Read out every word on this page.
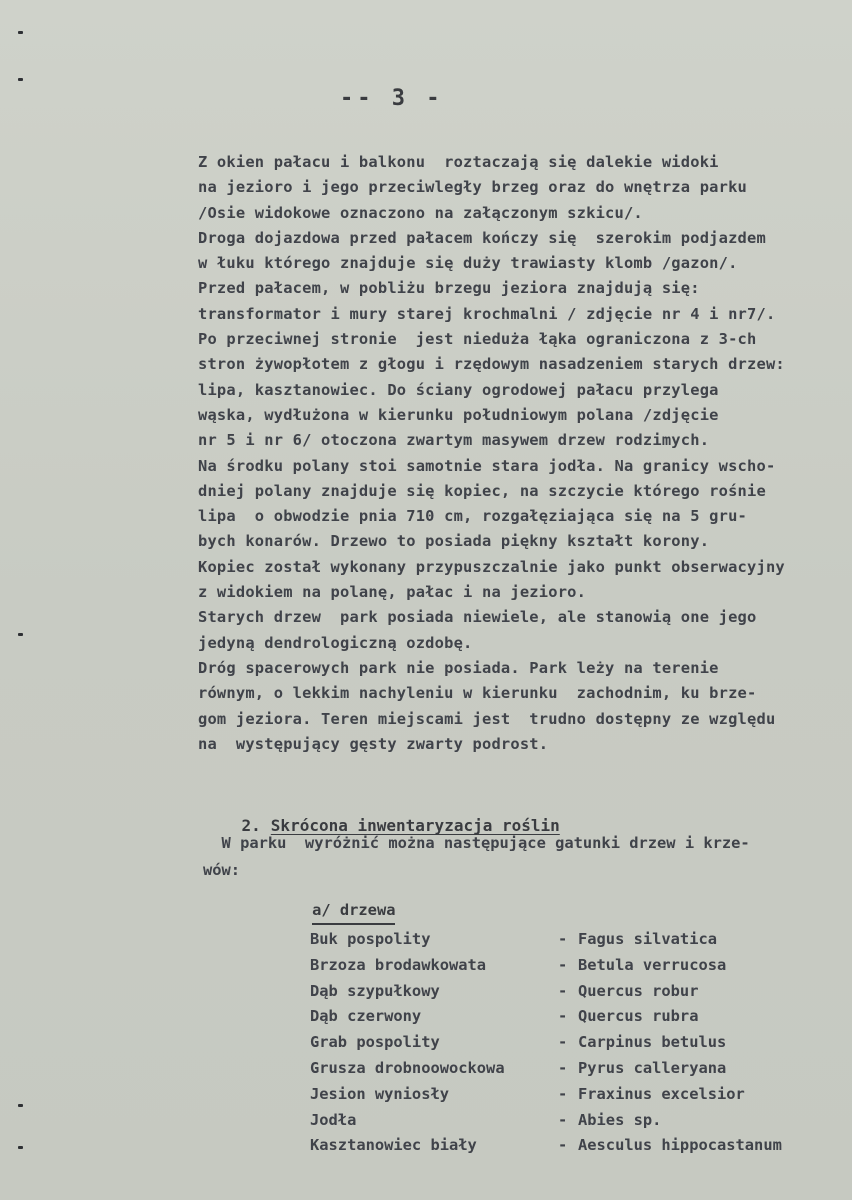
-- 3 -
Z okien pałacu i balkonu  roztaczają się dalekie widoki
na jezioro i jego przeciwległy brzeg oraz do wnętrza parku
/Osie widokowe oznaczono na załączonym szkicu/.
Droga dojazdowa przed pałacem kończy się  szerokim podjazdem
w łuku którego znajduje się duży trawiasty klomb /gazon/.
Przed pałacem, w pobliżu brzegu jeziora znajdują się:
transformator i mury starej krochmalni / zdjęcie nr 4 i nr7/.
Po przeciwnej stronie  jest nieduża łąka ograniczona z 3-ch
stron żywopłotem z głogu i rzędowym nasadzeniem starych drzew:
lipa, kasztanowiec. Do ściany ogrodowej pałacu przylega
wąska, wydłużona w kierunku południowym polana /zdjęcie
nr 5 i nr 6/ otoczona zwartym masywem drzew rodzimych.
Na środku polany stoi samotnie stara jodła. Na granicy wscho-
dniej polany znajduje się kopiec, na szczycie którego rośnie
lipa  o obwodzie pnia 710 cm, rozgałęziająca się na 5 gru-
bych konarów. Drzewo to posiada piękny kształt korony.
Kopiec został wykonany przypuszczalnie jako punkt obserwacyjny
z widokiem na polanę, pałac i na jezioro.
Starych drzew  park posiada niewiele, ale stanowią one jego
jedyną dendrologiczną ozdobę.
Dróg spacerowych park nie posiada. Park leży na terenie
równym, o lekkim nachyleniu w kierunku  zachodnim, ku brze-
gom jeziora. Teren miejscami jest  trudno dostępny ze względu
na  występujący gęsty zwarty podrost.

2. Skrócona inwentaryzacja roślin

W parku  wyróżnić można następujące gatunki drzew i krze-
wów:

a/ drzewa

Buk pospolity	- Fagus silvatica
Brzoza brodawkowata	- Betula verrucosa
Dąb szypułkowy	- Quercus robur
Dąb czerwony	- Quercus rubra
Grab pospolity	- Carpinus betulus
Grusza drobnoowockowa	- Pyrus calleryana
Jesion wyniosły	- Fraxinus excelsior
Jodła	- Abies sp.
Kasztanowiec biały	- Aesculus hippocastanum
